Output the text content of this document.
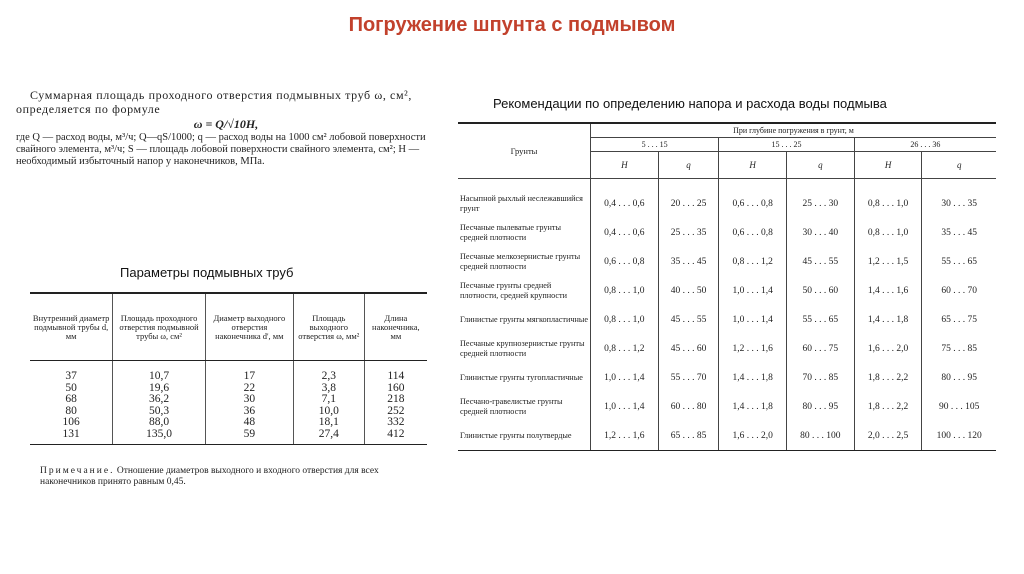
Погружение шпунта с подмывом
Суммарная площадь проходного отверстия подмывных труб ω, см², определяется по формуле
ω = Q/√10H,
где Q — расход воды, м³/ч; Q—qS/1000; q — расход воды на 1000 см² лобовой поверхности свайного элемента, м³/ч; S — площадь лобовой поверхности свайного элемента, см²; H — необходимый избыточный напор у наконечников, МПа.
Параметры подмывных труб
Внутренний диаметр подмывной трубы d, мм	Площадь проходного отверстия подмывной трубы ω, см²	Диаметр выходного отверстия наконечника d', мм	Площадь выходного отверстия ω, мм²	Длина наконечника, мм
37	10,7	17	2,3	114
50	19,6	22	3,8	160
68	36,2	30	7,1	218
80	50,3	36	10,0	252
106	88,0	48	18,1	332
131	135,0	59	27,4	412
Примечание. Отношение диаметров выходного и входного отверстия для всех наконечников принято равным 0,45.
Рекомендации по определению напора и расхода воды подмыва
Грунты	При глубине погружения в грунт, м					
	5 . . . 15		15 . . . 25		26 . . . 36	
	H	q	H	q	H	q
Насыпной рыхлый неслежавшийся грунт	0,4 . . . 0,6	20 . . . 25	0,6 . . . 0,8	25 . . . 30	0,8 . . . 1,0	30 . . . 35
Песчаные пылеватые грунты средней плотности	0,4 . . . 0,6	25 . . . 35	0,6 . . . 0,8	30 . . . 40	0,8 . . . 1,0	35 . . . 45
Песчаные мелкозернистые грунты средней плотности	0,6 . . . 0,8	35 . . . 45	0,8 . . . 1,2	45 . . . 55	1,2 . . . 1,5	55 . . . 65
Песчаные грунты средней плотности, средней крупности	0,8 . . . 1,0	40 . . . 50	1,0 . . . 1,4	50 . . . 60	1,4 . . . 1,6	60 . . . 70
Глинистые грунты мягкопластичные	0,8 . . . 1,0	45 . . . 55	1,0 . . . 1,4	55 . . . 65	1,4 . . . 1,8	65 . . . 75
Песчаные крупнозернистые грунты средней плотности	0,8 . . . 1,2	45 . . . 60	1,2 . . . 1,6	60 . . . 75	1,6 . . . 2,0	75 . . . 85
Глинистые грунты тугопластичные	1,0 . . . 1,4	55 . . . 70	1,4 . . . 1,8	70 . . . 85	1,8 . . . 2,2	80 . . . 95
Песчано-гравелистые грунты средней плотности	1,0 . . . 1,4	60 . . . 80	1,4 . . . 1,8	80 . . . 95	1,8 . . . 2,2	90 . . . 105
Глинистые грунты полутвердые	1,2 . . . 1,6	65 . . . 85	1,6 . . . 2,0	80 . . . 100	2,0 . . . 2,5	100 . . . 120
